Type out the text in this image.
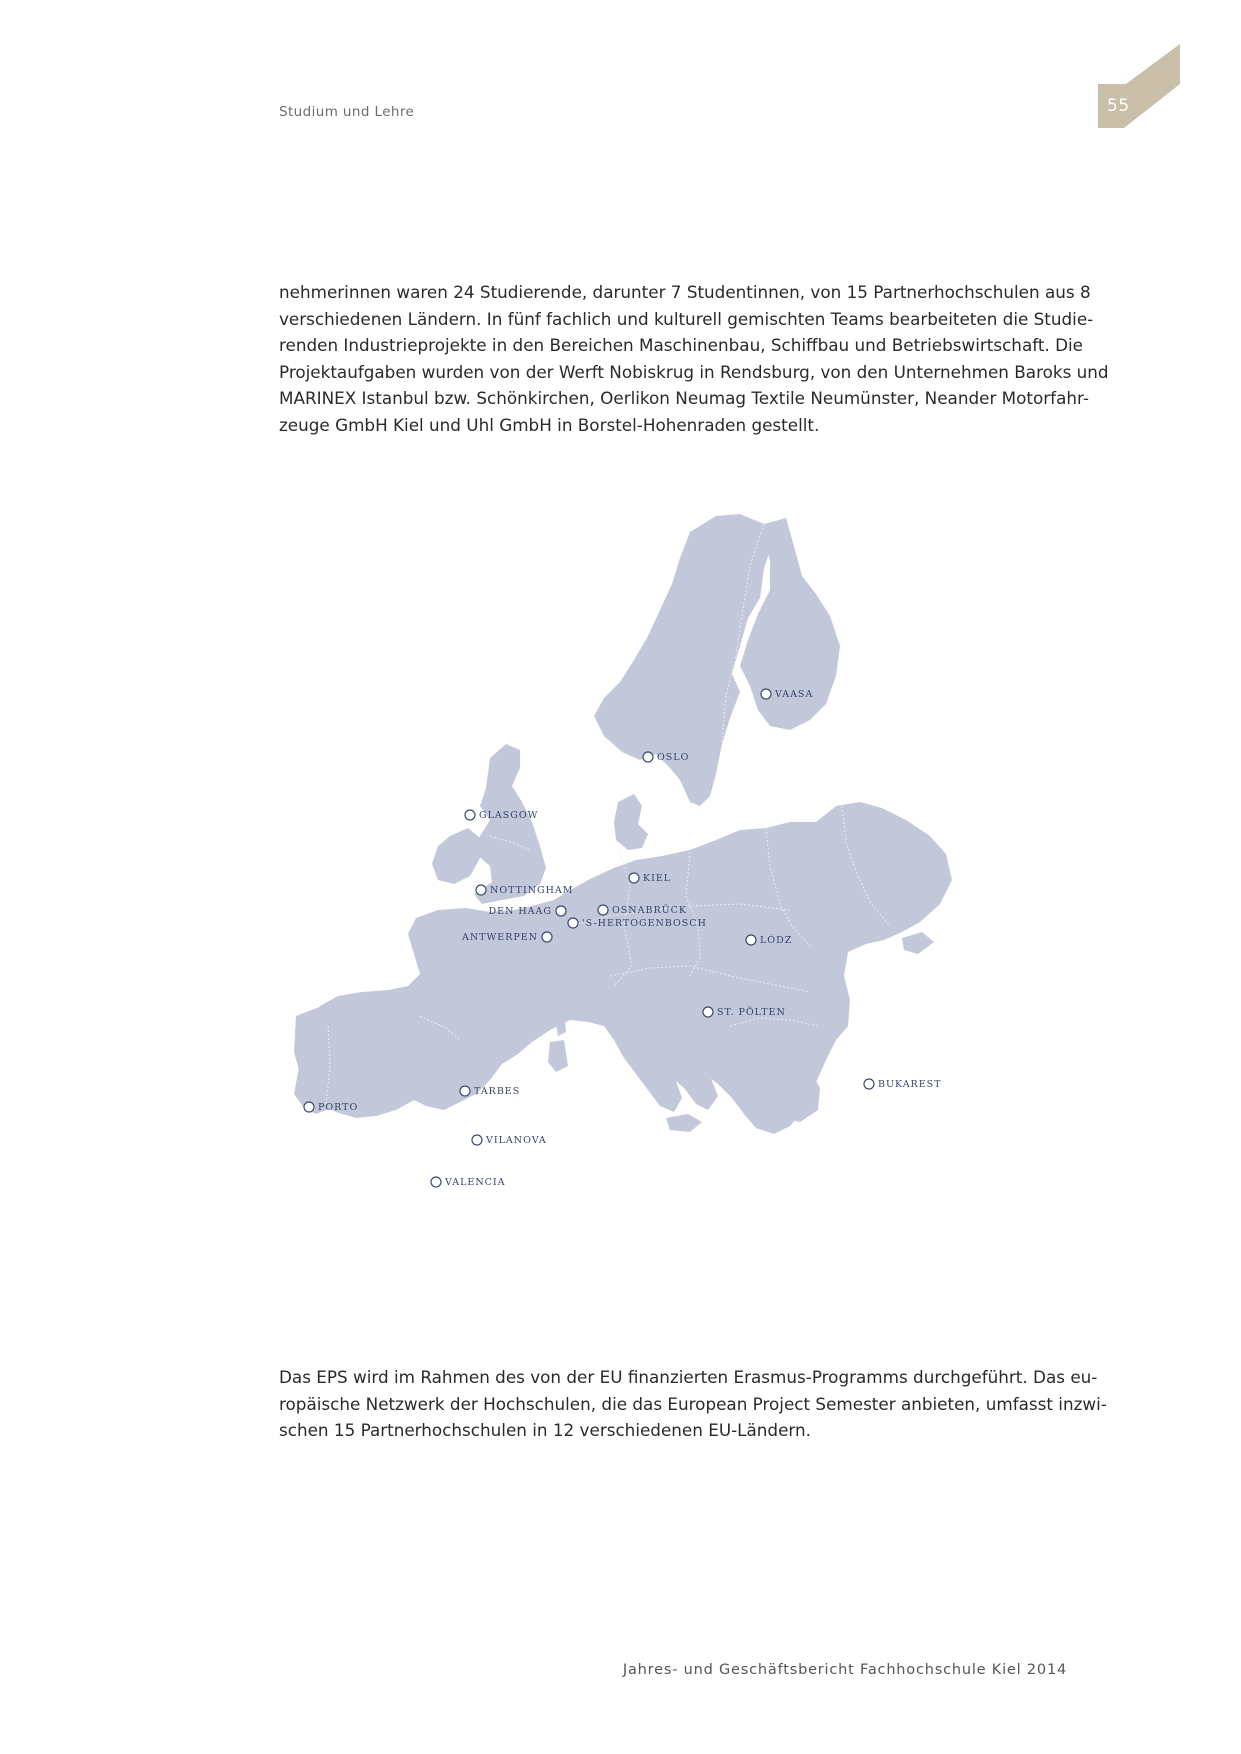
Studium und Lehre	55

nehmerinnen waren 24 Studierende, darunter 7 Studentinnen, von 15 Partnerhochschulen aus 8
verschiedenen Ländern. In fünf fachlich und kulturell gemischten Teams bearbeiteten die Studie-
renden Industrieprojekte in den Bereichen Maschinenbau, Schiffbau und Betriebswirtschaft. Die
Projektaufgaben wurden von der Werft Nobiskrug in Rendsburg, von den Unternehmen Baroks und
MARINEX Istanbul bzw. Schönkirchen, Oerlikon Neumag Textile Neumünster, Neander Motorfahr-
zeuge GmbH Kiel und Uhl GmbH in Borstel-Hohenraden gestellt.

VAASA
OSLO
GLASGOW
KIEL
NOTTINGHAM
DEN HAAG	OSNABRÜCK
'S-HERTOGENBOSCH
ANTWERPEN	LÓDZ
ST. PÖLTEN
BUKAREST
TARBES
PORTO
VILANOVA
VALENCIA

Das EPS wird im Rahmen des von der EU finanzierten Erasmus-Programms durchgeführt. Das eu-
ropäische Netzwerk der Hochschulen, die das European Project Semester anbieten, umfasst inzwi-
schen 15 Partnerhochschulen in 12 verschiedenen EU-Ländern.

Jahres- und Geschäftsbericht Fachhochschule Kiel 2014
